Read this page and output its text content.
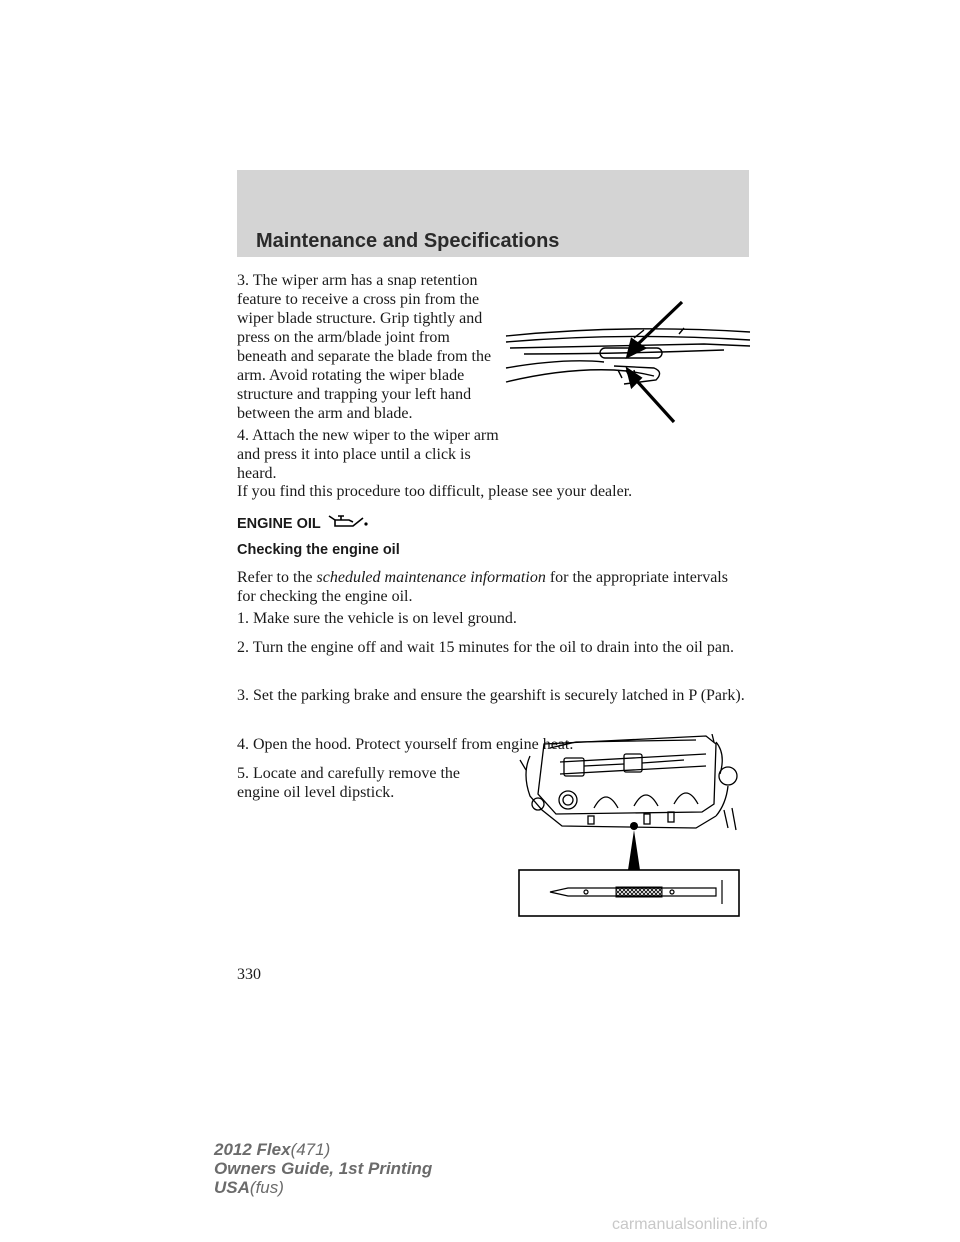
Maintenance and Specifications

3. The wiper arm has a snap retention feature to receive a cross pin from the wiper blade structure. Grip tightly and press on the arm/blade joint from beneath and separate the blade from the arm. Avoid rotating the wiper blade structure and trapping your left hand between the arm and blade.

4. Attach the new wiper to the wiper arm and press it into place until a click is heard.

If you find this procedure too difficult, please see your dealer.

ENGINE OIL

Checking the engine oil

Refer to the scheduled maintenance information for the appropriate intervals for checking the engine oil.

1. Make sure the vehicle is on level ground.

2. Turn the engine off and wait 15 minutes for the oil to drain into the oil pan.

3. Set the parking brake and ensure the gearshift is securely latched in P (Park).

4. Open the hood. Protect yourself from engine heat.

5. Locate and carefully remove the engine oil level dipstick.

330
2012 Flex(471)
Owners Guide, 1st Printing
USA(fus)
carmanualsonline.info
